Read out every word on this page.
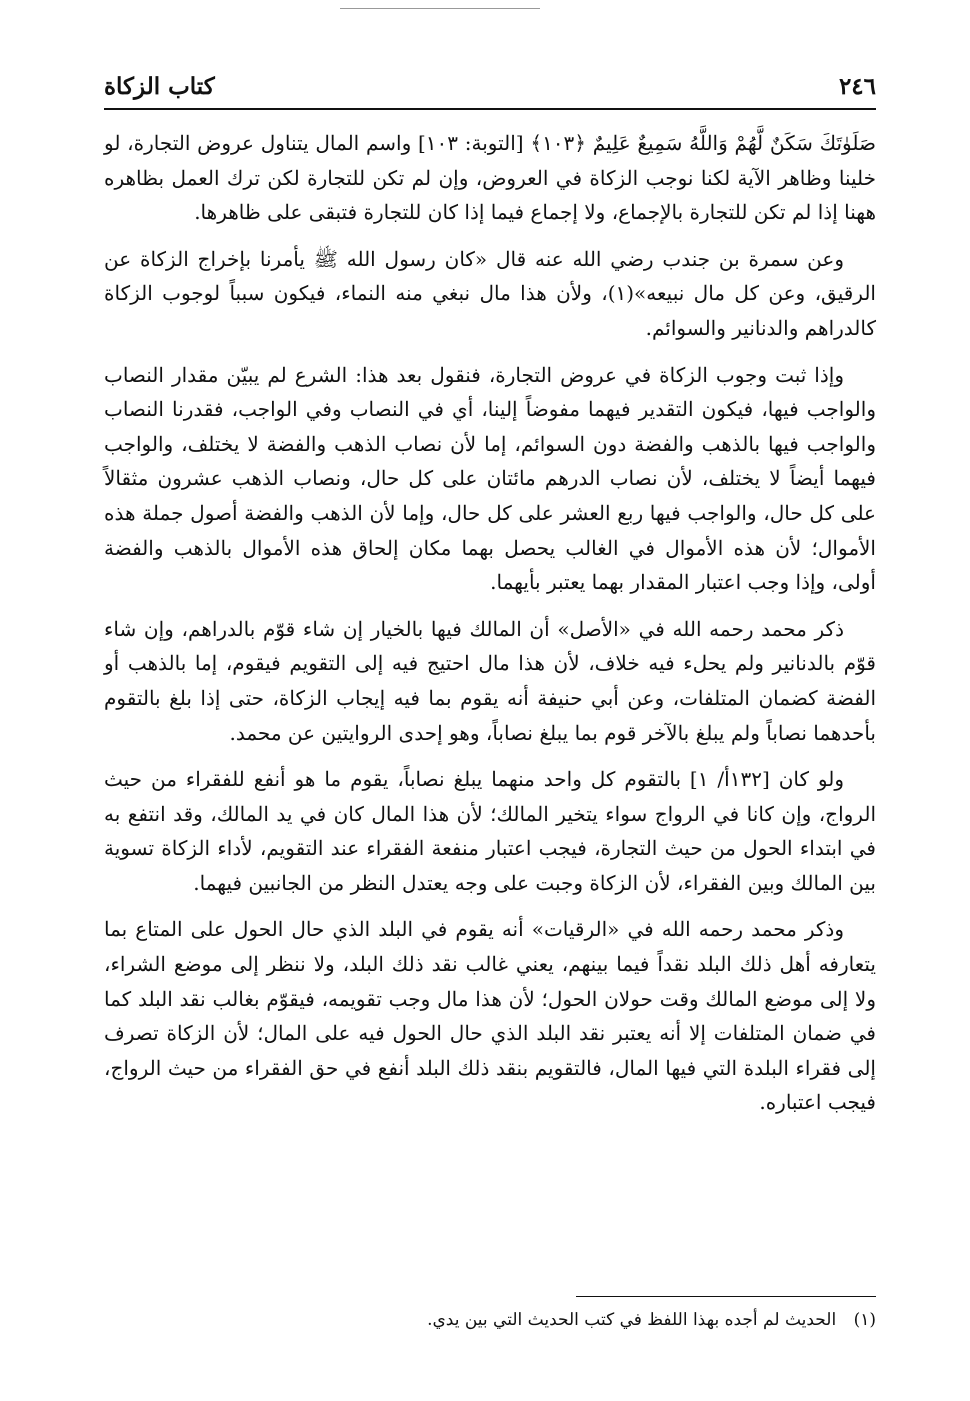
٢٤٦
كتاب الزكاة

صَلَوٰتَكَ سَكَنٌ لَّهُمْ وَاللَّهُ سَمِيعٌ عَلِيمٌ ﴿١٠٣﴾ [التوبة: ١٠٣] واسم المال يتناول عروض التجارة، لو خلينا وظاهر الآية لكنا نوجب الزكاة في العروض، وإن لم تكن للتجارة لكن ترك العمل بظاهره ههنا إذا لم تكن للتجارة بالإجماع، ولا إجماع فيما إذا كان للتجارة فتبقى على ظاهرها.

وعن سمرة بن جندب رضي الله عنه قال «كان رسول الله ﷺ يأمرنا بإخراج الزكاة عن الرقيق، وعن كل مال نبيعه»(١)، ولأن هذا مال نبغي منه النماء، فيكون سبباً لوجوب الزكاة كالدراهم والدنانير والسوائم.

وإذا ثبت وجوب الزكاة في عروض التجارة، فنقول بعد هذا: الشرع لم يبيّن مقدار النصاب والواجب فيها، فيكون التقدير فيهما مفوضاً إلينا، أي في النصاب وفي الواجب، فقدرنا النصاب والواجب فيها بالذهب والفضة دون السوائم، إما لأن نصاب الذهب والفضة لا يختلف، والواجب فيهما أيضاً لا يختلف، لأن نصاب الدرهم مائتان على كل حال، ونصاب الذهب عشرون مثقالاً على كل حال، والواجب فيها ربع العشر على كل حال، وإما لأن الذهب والفضة أصول جملة هذه الأموال؛ لأن هذه الأموال في الغالب يحصل بهما مكان إلحاق هذه الأموال بالذهب والفضة أولى، وإذا وجب اعتبار المقدار بهما يعتبر بأيهما.

ذكر محمد رحمه الله في «الأصل» أن المالك فيها بالخيار إن شاء قوّم بالدراهم، وإن شاء قوّم بالدنانير ولم يحلء فيه خلاف، لأن هذا مال احتيج فيه إلى التقويم فيقوم، إما بالذهب أو الفضة كضمان المتلفات، وعن أبي حنيفة أنه يقوم بما فيه إيجاب الزكاة، حتى إذا بلغ بالتقوم بأحدهما نصاباً ولم يبلغ بالآخر قوم بما يبلغ نصاباً، وهو إحدى الروايتين عن محمد.

ولو كان [١٣٢أ/ ١] بالتقوم كل واحد منهما يبلغ نصاباً، يقوم ما هو أنفع للفقراء من حيث الرواج، وإن كانا في الرواج سواء يتخير المالك؛ لأن هذا المال كان في يد المالك، وقد انتفع به في ابتداء الحول من حيث التجارة، فيجب اعتبار منفعة الفقراء عند التقويم، لأداء الزكاة تسوية بين المالك وبين الفقراء، لأن الزكاة وجبت على وجه يعتدل النظر من الجانبين فيهما.

وذكر محمد رحمه الله في «الرقيات» أنه يقوم في البلد الذي حال الحول على المتاع بما يتعارفه أهل ذلك البلد نقداً فيما بينهم، يعني غالب نقد ذلك البلد، ولا ننظر إلى موضع الشراء، ولا إلى موضع المالك وقت حولان الحول؛ لأن هذا مال وجب تقويمه، فيقوّم بغالب نقد البلد كما في ضمان المتلفات إلا أنه يعتبر نقد البلد الذي حال الحول فيه على المال؛ لأن الزكاة تصرف إلى فقراء البلدة التي فيها المال، فالتقويم بنقد ذلك البلد أنفع في حق الفقراء من حيث الرواج، فيجب اعتباره.

(١) الحديث لم أجده بهذا اللفظ في كتب الحديث التي بين يدي.
